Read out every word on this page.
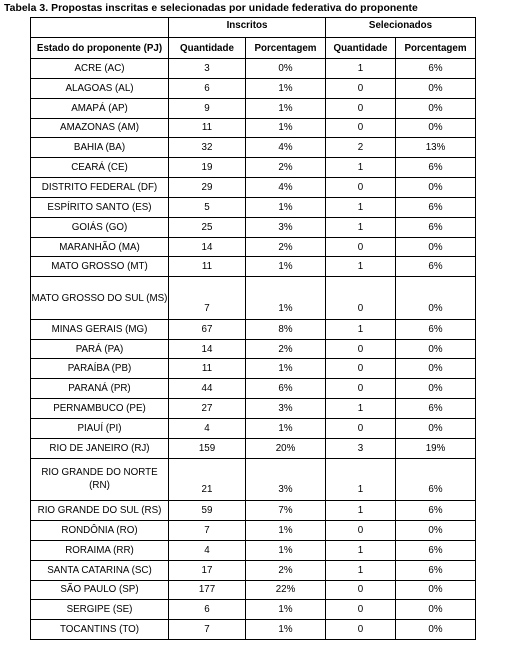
Tabela 3. Propostas inscritas e selecionadas por unidade federativa do proponente
	Inscritos		Selecionados	
Estado do proponente (PJ)	Quantidade	Porcentagem	Quantidade	Porcentagem
ACRE (AC)	3	0%	1	6%
ALAGOAS (AL)	6	1%	0	0%
AMAPÁ (AP)	9	1%	0	0%
AMAZONAS (AM)	11	1%	0	0%
BAHIA (BA)	32	4%	2	13%
CEARÁ (CE)	19	2%	1	6%
DISTRITO FEDERAL (DF)	29	4%	0	0%
ESPÍRITO SANTO (ES)	5	1%	1	6%
GOIÁS (GO)	25	3%	1	6%
MARANHÃO (MA)	14	2%	0	0%
MATO GROSSO (MT)	11	1%	1	6%
MATO GROSSO DO SUL (MS)	7	1%	0	0%
MINAS GERAIS (MG)	67	8%	1	6%
PARÁ (PA)	14	2%	0	0%
PARAÍBA (PB)	11	1%	0	0%
PARANÁ (PR)	44	6%	0	0%
PERNAMBUCO (PE)	27	3%	1	6%
PIAUÍ (PI)	4	1%	0	0%
RIO DE JANEIRO (RJ)	159	20%	3	19%
RIO GRANDE DO NORTE (RN)	21	3%	1	6%
RIO GRANDE DO SUL (RS)	59	7%	1	6%
RONDÔNIA (RO)	7	1%	0	0%
RORAIMA (RR)	4	1%	1	6%
SANTA CATARINA (SC)	17	2%	1	6%
SÃO PAULO (SP)	177	22%	0	0%
SERGIPE (SE)	6	1%	0	0%
TOCANTINS (TO)	7	1%	0	0%
